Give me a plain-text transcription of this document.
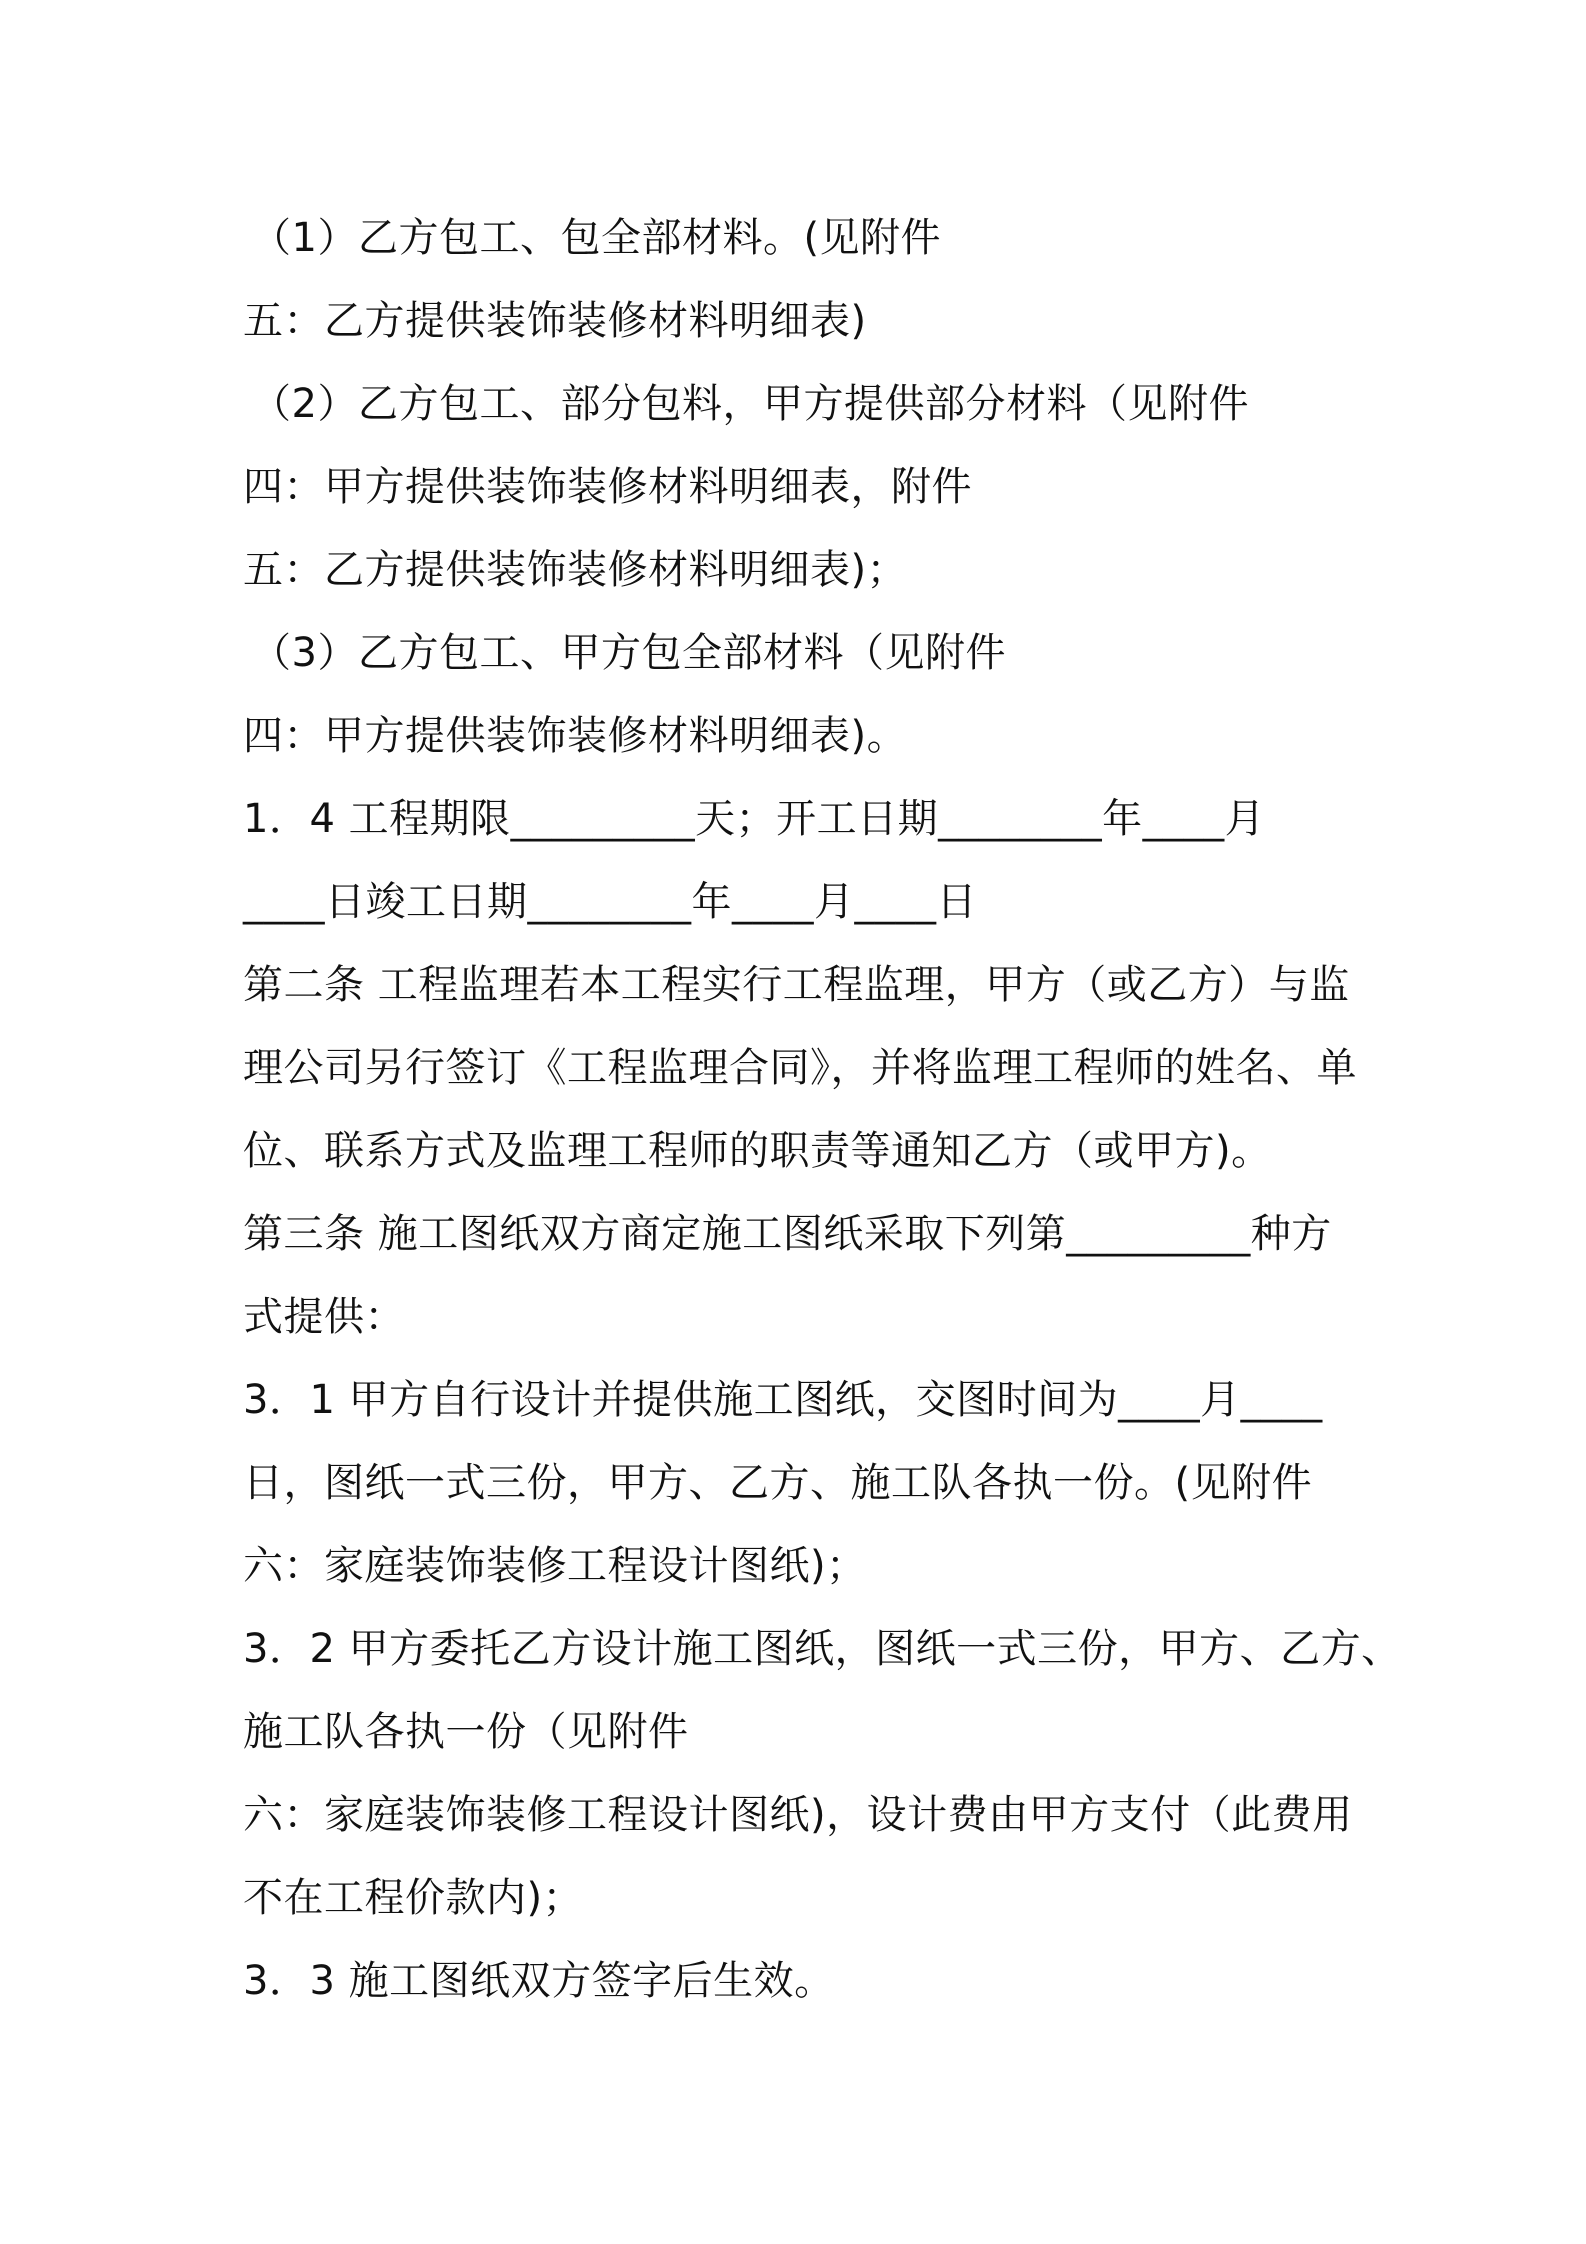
（1）乙方包工、包全部材料。(见附件
五：乙方提供装饰装修材料明细表)
（2）乙方包工、部分包料，甲方提供部分材料（见附件
四：甲方提供装饰装修材料明细表，附件
五：乙方提供装饰装修材料明细表)；
（3）乙方包工、甲方包全部材料（见附件
四：甲方提供装饰装修材料明细表)。
1．4 工程期限_________天；开工日期________年____月
____日竣工日期________年____月____日
第二条 工程监理若本工程实行工程监理，甲方（或乙方）与监
理公司另行签订《工程监理合同》，并将监理工程师的姓名、单
位、联系方式及监理工程师的职责等通知乙方（或甲方)。
第三条 施工图纸双方商定施工图纸采取下列第_________种方
式提供：
3．1 甲方自行设计并提供施工图纸，交图时间为____月____
日，图纸一式三份，甲方、乙方、施工队各执一份。(见附件
六：家庭装饰装修工程设计图纸)；
3．2 甲方委托乙方设计施工图纸，图纸一式三份，甲方、乙方、
施工队各执一份（见附件
六：家庭装饰装修工程设计图纸)，设计费由甲方支付（此费用
不在工程价款内)；
3．3 施工图纸双方签字后生效。
